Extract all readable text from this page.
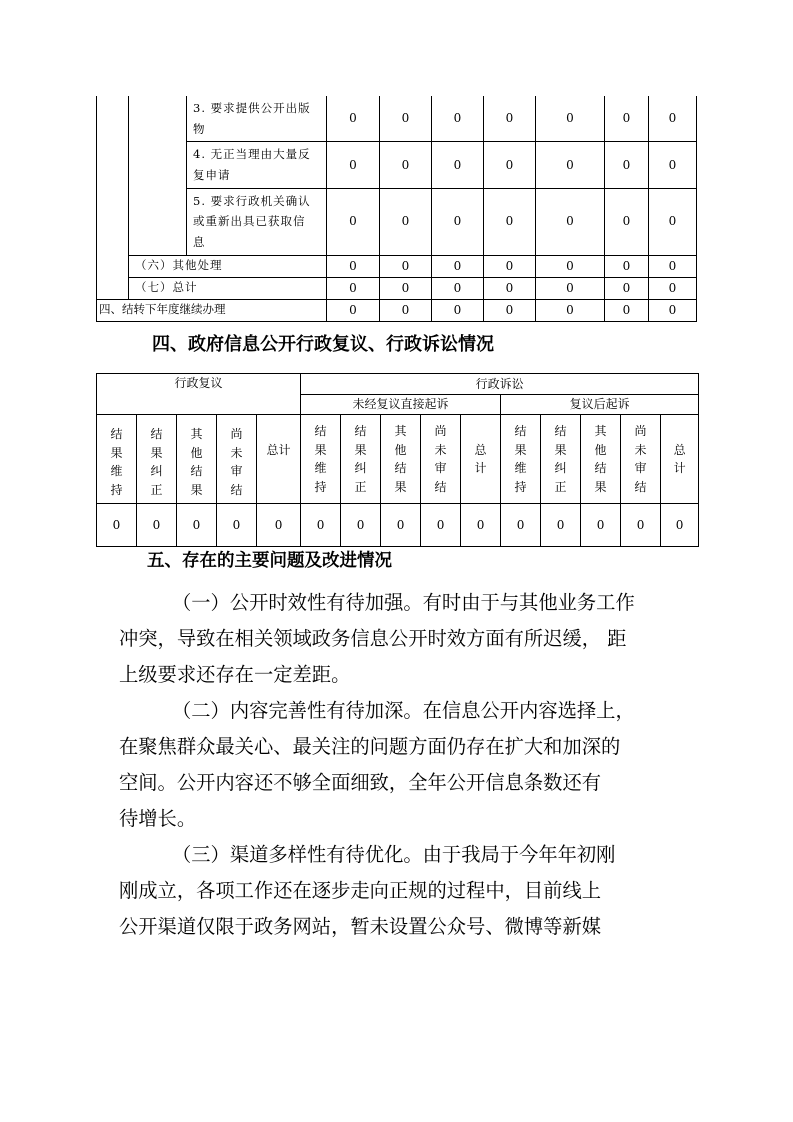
		3. 要求提供公开出版
物	0	0	0	0	0	0	0
		4. 无正当理由大量反
复申请	0	0	0	0	0	0	0
		5. 要求行政机关确认
或重新出具已获取信
息	0	0	0	0	0	0	0
	（六）其他处理		0	0	0	0	0	0	0
	（七）总计		0	0	0	0	0	0	0
四、结转下年度继续办理			0	0	0	0	0	0	0
四、政府信息公开行政复议、行政诉讼情况
行政复议					行政诉讼									
					未经复议直接起诉					复议后起诉				
结果维持	结果纠正	其他结果	尚未审结	总计	结果维持	结果纠正	其他结果	尚未审结	总计	结果维持	结果纠正	其他结果	尚未审结	总计
0	0	0	0	0	0	0	0	0	0	0	0	0	0	0
五、存在的主要问题及改进情况
（一）公开时效性有待加强。有时由于与其他业务工作
冲突，导致在相关领域政务信息公开时效方面有所迟缓， 距
上级要求还存在一定差距。
（二）内容完善性有待加深。在信息公开内容选择上，
在聚焦群众最关心、最关注的问题方面仍存在扩大和加深的
空间。公开内容还不够全面细致，全年公开信息条数还有
待增长。
（三）渠道多样性有待优化。由于我局于今年年初刚
刚成立，各项工作还在逐步走向正规的过程中，目前线上
公开渠道仅限于政务网站，暂未设置公众号、微博等新媒
